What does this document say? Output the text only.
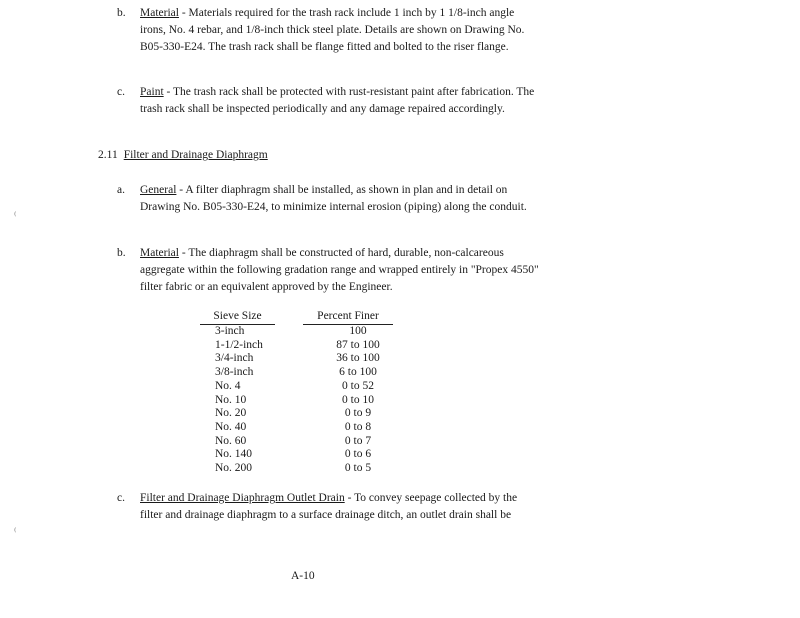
b. Material - Materials required for the trash rack include 1 inch by 1 1/8-inch angle irons, No. 4 rebar, and 1/8-inch thick steel plate. Details are shown on Drawing No. B05-330-E24. The trash rack shall be flange fitted and bolted to the riser flange.
c. Paint - The trash rack shall be protected with rust-resistant paint after fabrication. The trash rack shall be inspected periodically and any damage repaired accordingly.
2.11 Filter and Drainage Diaphragm
a. General - A filter diaphragm shall be installed, as shown in plan and in detail on Drawing No. B05-330-E24, to minimize internal erosion (piping) along the conduit.
b. Material - The diaphragm shall be constructed of hard, durable, non-calcareous aggregate within the following gradation range and wrapped entirely in "Propex 4550" filter fabric or an equivalent approved by the Engineer.
Sieve Size		Percent Finer
3-inch		100
1-1/2-inch		87 to 100
3/4-inch		36 to 100
3/8-inch		6 to 100
No. 4		0 to 52
No. 10		0 to 10
No. 20		0 to 9
No. 40		0 to 8
No. 60		0 to 7
No. 140		0 to 6
No. 200		0 to 5
c. Filter and Drainage Diaphragm Outlet Drain - To convey seepage collected by the filter and drainage diaphragm to a surface drainage ditch, an outlet drain shall be
⁽
⁽
A-10
